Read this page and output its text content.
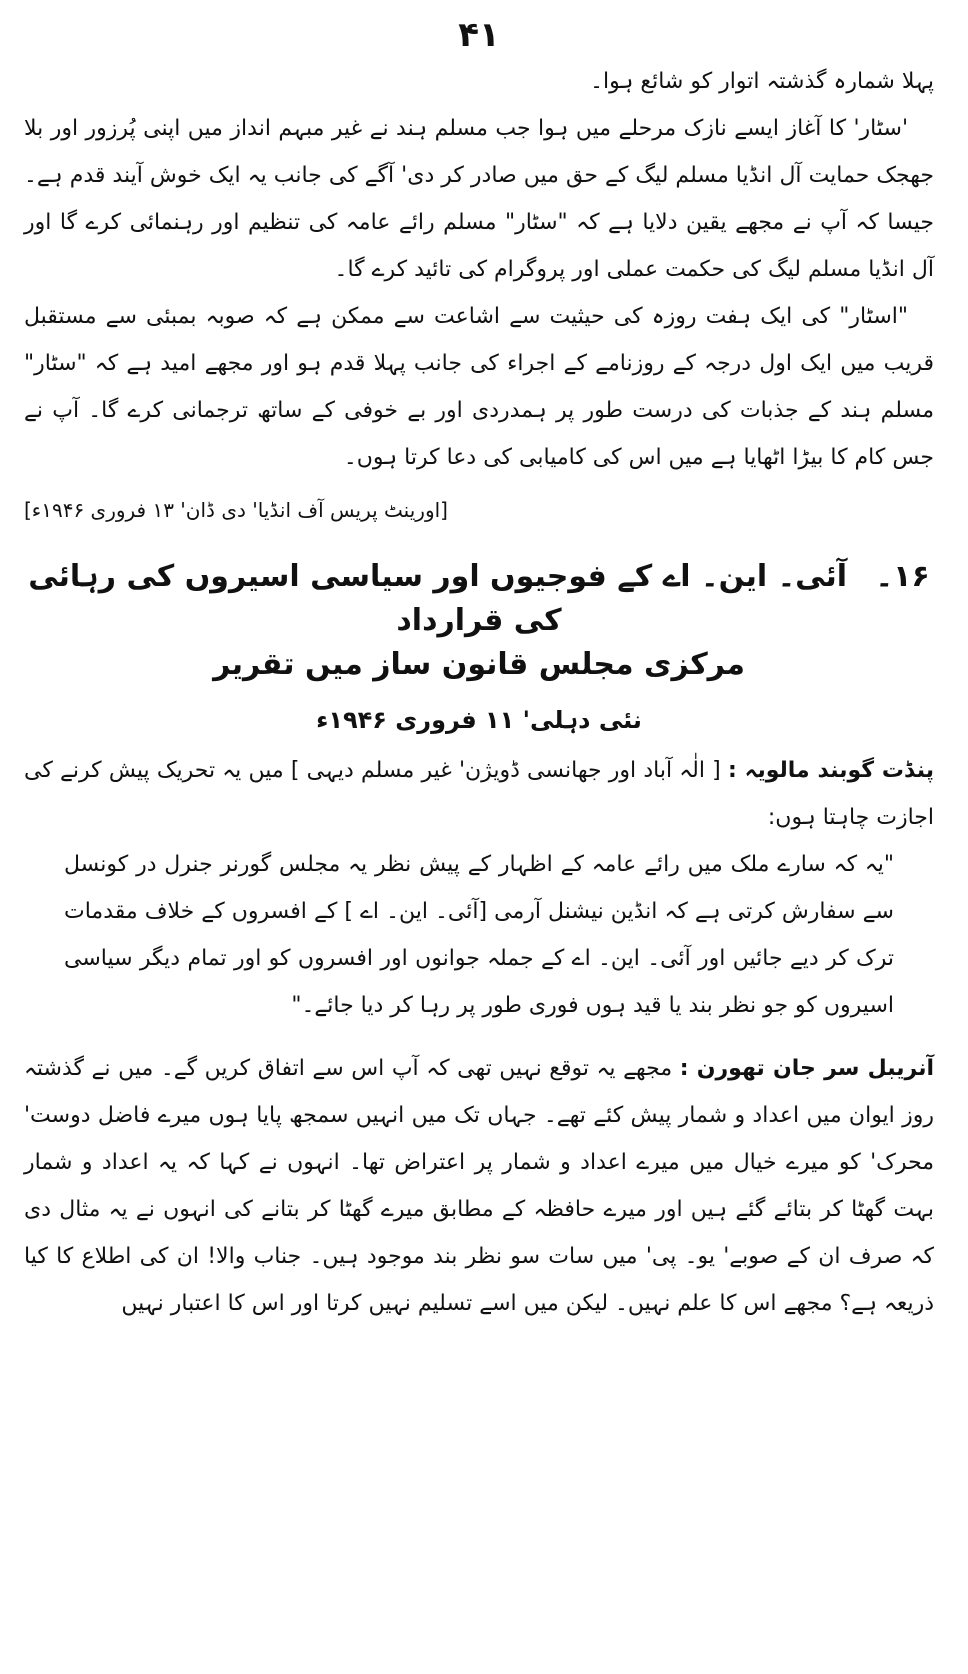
۴۱

پہلا شمارہ گذشتہ اتوار کو شائع ہوا۔

'سٹار' کا آغاز ایسے نازک مرحلے میں ہوا جب مسلم ہند نے غیر مبہم انداز میں اپنی پُرزور اور بلا جھجک حمایت آل انڈیا مسلم لیگ کے حق میں صادر کر دی' آگے کی جانب یہ ایک خوش آیند قدم ہے۔ جیسا کہ آپ نے مجھے یقین دلایا ہے کہ "سٹار" مسلم رائے عامہ کی تنظیم اور رہنمائی کرے گا اور آل انڈیا مسلم لیگ کی حکمت عملی اور پروگرام کی تائید کرے گا۔

"اسٹار" کی ایک ہفت روزہ کی حیثیت سے اشاعت سے ممکن ہے کہ صوبہ بمبئی سے مستقبل قریب میں ایک اول درجہ کے روزنامے کے اجراء کی جانب پہلا قدم ہو اور مجھے امید ہے کہ "سٹار" مسلم ہند کے جذبات کی درست طور پر ہمدردی اور بے خوفی کے ساتھ ترجمانی کرے گا۔ آپ نے جس کام کا بیڑا اٹھایا ہے میں اس کی کامیابی کی دعا کرتا ہوں۔

[اورینٹ پریس آف انڈیا' دی ڈان' ۱۳ فروری ۱۹۴۶ء]

۱۶۔ آئی۔ این۔ اے کے فوجیوں اور سیاسی اسیروں کی رہائی کی قرارداد
مرکزی مجلس قانون ساز میں تقریر
نئی دہلی' ۱۱ فروری ۱۹۴۶ء

پنڈت گوبند مالویہ : [ الٰہ آباد اور جھانسی ڈویژن' غیر مسلم دیہی ] میں یہ تحریک پیش کرنے کی اجازت چاہتا ہوں:

"یہ کہ سارے ملک میں رائے عامہ کے اظہار کے پیش نظر یہ مجلس گورنر جنرل در کونسل سے سفارش کرتی ہے کہ انڈین نیشنل آرمی [آئی۔ این۔ اے ] کے افسروں کے خلاف مقدمات ترک کر دیے جائیں اور آئی۔ این۔ اے کے جملہ جوانوں اور افسروں کو اور تمام دیگر سیاسی اسیروں کو جو نظر بند یا قید ہوں فوری طور پر رہا کر دیا جائے۔"

آنریبل سر جان تھورن : مجھے یہ توقع نہیں تھی کہ آپ اس سے اتفاق کریں گے۔ میں نے گذشتہ روز ایوان میں اعداد و شمار پیش کئے تھے۔ جہاں تک میں انہیں سمجھ پایا ہوں میرے فاضل دوست' محرک' کو میرے خیال میں میرے اعداد و شمار پر اعتراض تھا۔ انہوں نے کہا کہ یہ اعداد و شمار بہت گھٹا کر بتائے گئے ہیں اور میرے حافظہ کے مطابق میرے گھٹا کر بتانے کی انہوں نے یہ مثال دی کہ صرف ان کے صوبے' یو۔ پی' میں سات سو نظر بند موجود ہیں۔ جناب والا! ان کی اطلاع کا کیا ذریعہ ہے؟ مجھے اس کا علم نہیں۔ لیکن میں اسے تسلیم نہیں کرتا اور اس کا اعتبار نہیں
